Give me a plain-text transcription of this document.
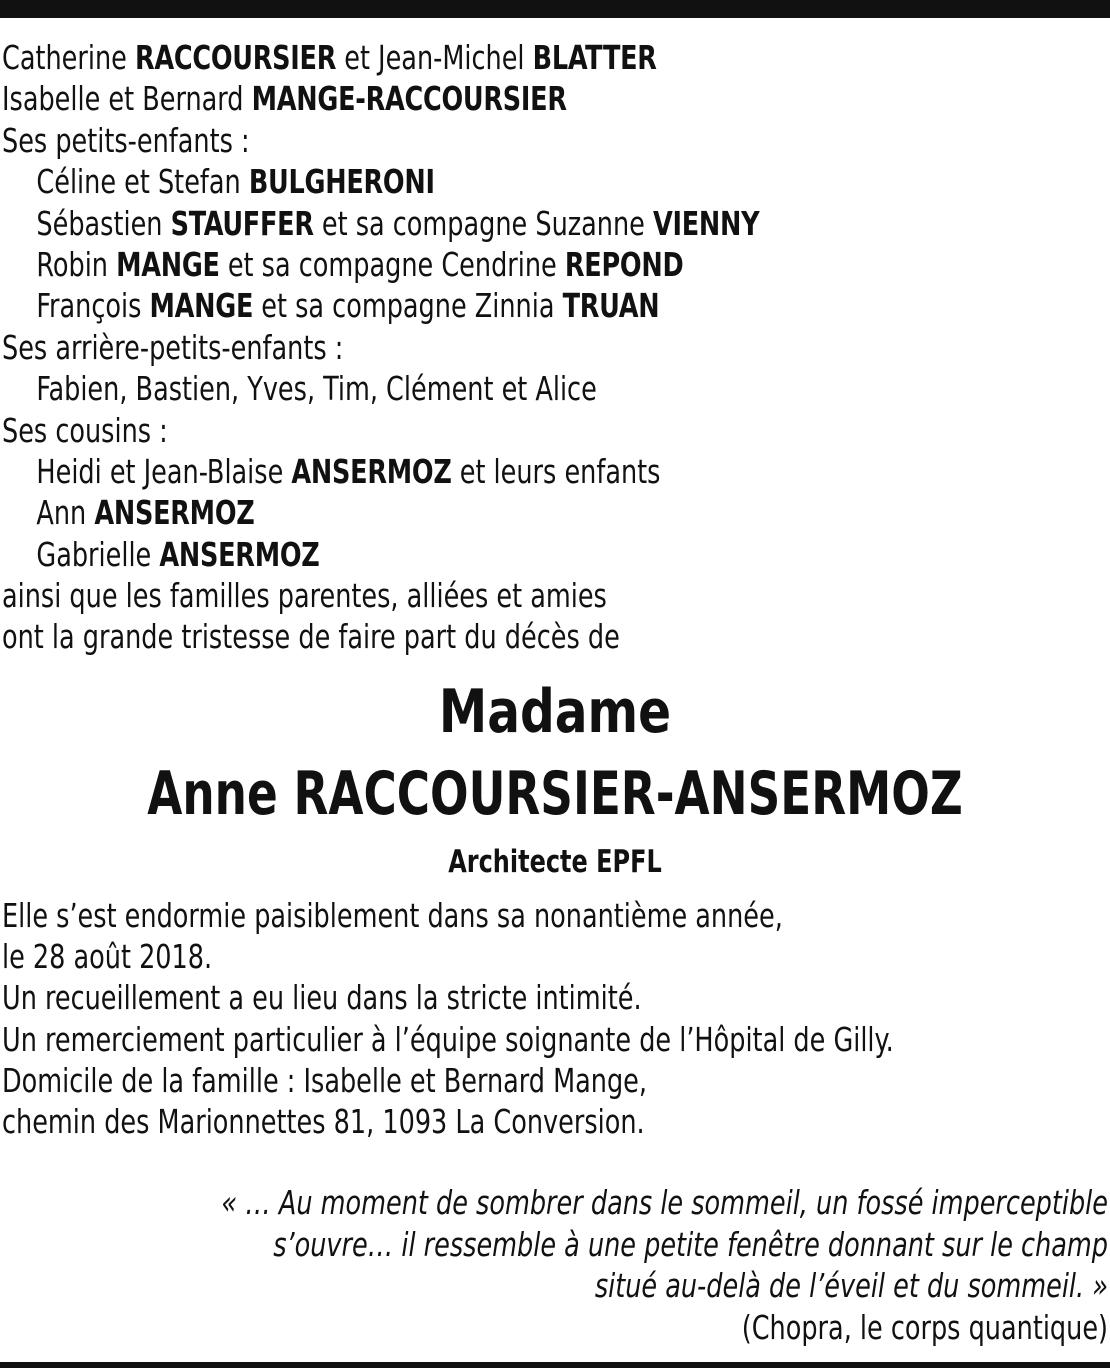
Catherine RACCOURSIER et Jean-Michel BLATTER
Isabelle et Bernard MANGE-RACCOURSIER
Ses petits-enfants :
Céline et Stefan BULGHERONI
Sébastien STAUFFER et sa compagne Suzanne VIENNY
Robin MANGE et sa compagne Cendrine REPOND
François MANGE et sa compagne Zinnia TRUAN
Ses arrière-petits-enfants :
Fabien, Bastien, Yves, Tim, Clément et Alice
Ses cousins :
Heidi et Jean-Blaise ANSERMOZ et leurs enfants
Ann ANSERMOZ
Gabrielle ANSERMOZ
ainsi que les familles parentes, alliées et amies
ont la grande tristesse de faire part du décès de
Madame
Anne RACCOURSIER-ANSERMOZ
Architecte EPFL
Elle s’est endormie paisiblement dans sa nonantième année,
le 28 août 2018.
Un recueillement a eu lieu dans la stricte intimité.
Un remerciement particulier à l’équipe soignante de l’Hôpital de Gilly.
Domicile de la famille : Isabelle et Bernard Mange,
chemin des Marionnettes 81, 1093 La Conversion.
« … Au moment de sombrer dans le sommeil, un fossé imperceptible
s’ouvre… il ressemble à une petite fenêtre donnant sur le champ
situé au-delà de l’éveil et du sommeil. »
(Chopra, le corps quantique)
